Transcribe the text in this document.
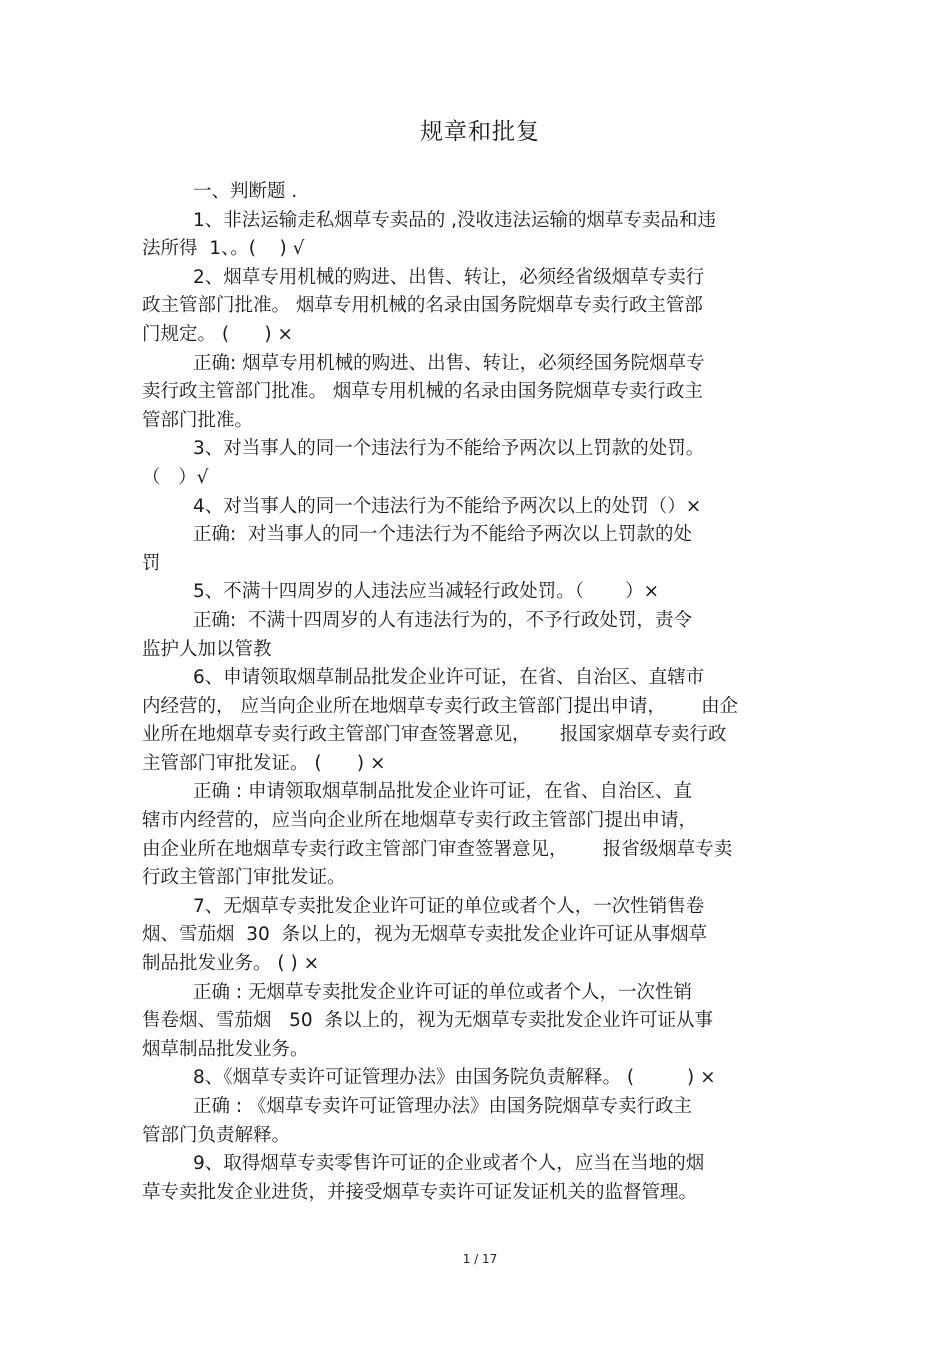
规章和批复
一、判断题 .
1、非法运输走私烟草专卖品的 ,没收违法运输的烟草专卖品和违
法所得  1、。(    ) √
2、烟草专用机械的购进、出售、转让，必须经省级烟草专卖行
政主管部门批准。 烟草专用机械的名录由国务院烟草专卖行政主管部
门规定。 (      ) ×
正确: 烟草专用机械的购进、出售、转让，必须经国务院烟草专
卖行政主管部门批准。 烟草专用机械的名录由国务院烟草专卖行政主
管部门批准。
3、对当事人的同一个违法行为不能给予两次以上罚款的处罚。
（   ）√
4、对当事人的同一个违法行为不能给予两次以上的处罚（）×
正确:  对当事人的同一个违法行为不能给予两次以上罚款的处
罚
5、不满十四周岁的人违法应当减轻行政处罚。（       ）×
正确:  不满十四周岁的人有违法行为的，不予行政处罚，责令
监护人加以管教
6、申请领取烟草制品批发企业许可证，在省、自治区、直辖市
内经营的， 应当向企业所在地烟草专卖行政主管部门提出申请，      由企
业所在地烟草专卖行政主管部门审查签署意见，     报国家烟草专卖行政
主管部门审批发证。 (      ) ×
正确 : 申请领取烟草制品批发企业许可证，在省、自治区、直
辖市内经营的，应当向企业所在地烟草专卖行政主管部门提出申请，
由企业所在地烟草专卖行政主管部门审查签署意见，      报省级烟草专卖
行政主管部门审批发证。
7、无烟草专卖批发企业许可证的单位或者个人，一次性销售卷
烟、雪茄烟  30  条以上的，视为无烟草专卖批发企业许可证从事烟草
制品批发业务。 ( ) ×
正确 : 无烟草专卖批发企业许可证的单位或者个人，一次性销
售卷烟、雪茄烟   50  条以上的，视为无烟草专卖批发企业许可证从事
烟草制品批发业务。
8、《烟草专卖许可证管理办法》由国务院负责解释。 (         ) ×
正确 : 《烟草专卖许可证管理办法》由国务院烟草专卖行政主
管部门负责解释。
9、取得烟草专卖零售许可证的企业或者个人，应当在当地的烟
草专卖批发企业进货，并接受烟草专卖许可证发证机关的监督管理。
1 / 17
